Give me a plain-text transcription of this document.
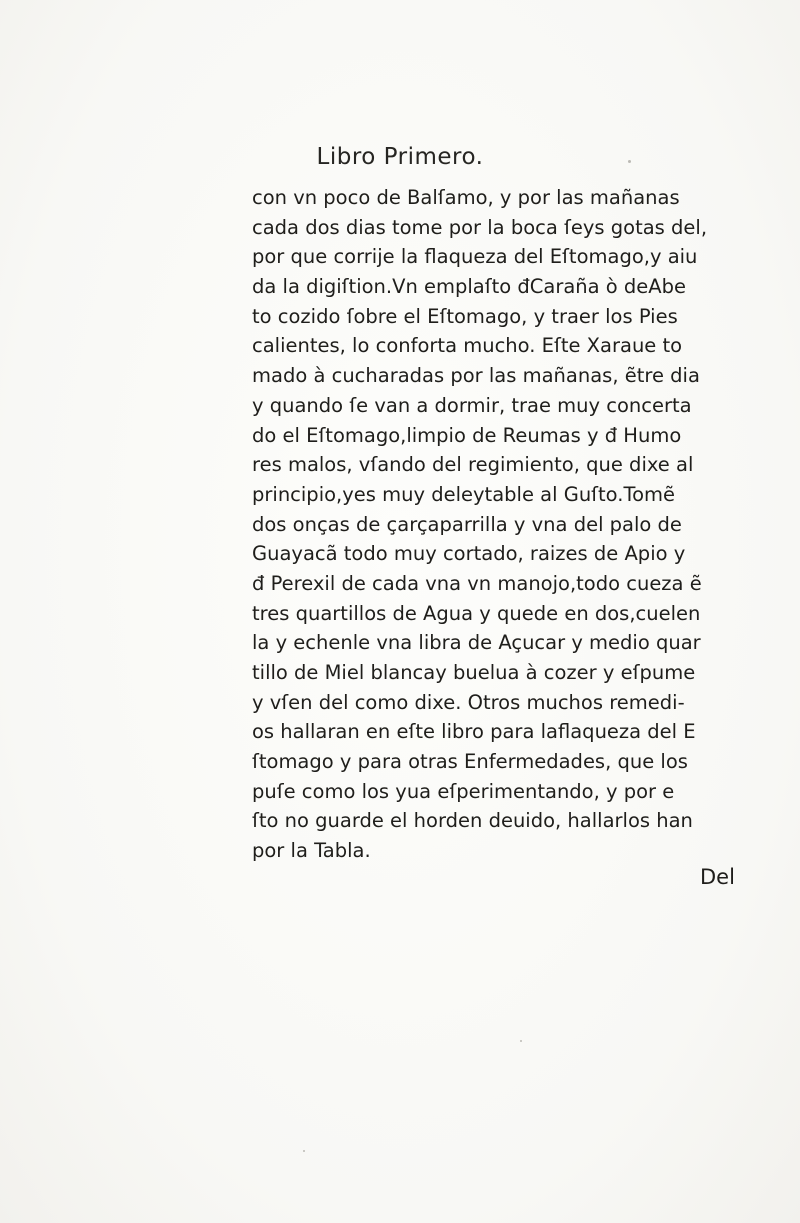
Libro Primero.
con vn poco de Balſamo, y por las mañanas
cada dos dias tome por la boca ſeys gotas del,
por que corrije la flaqueza del Eſtomago,y aiu
da la digiſtion.Vn emplaſto đCaraña ò deAbe
to cozido ſobre el Eſtomago, y traer los Pies
calientes, lo conforta mucho. Eſte Xaraue to
mado à cucharadas por las mañanas, ẽtre dia
y quando ſe van a dormir, trae muy concerta
do el Eſtomago,limpio de Reumas y đ Humo
res malos, vſando del regimiento, que dixe al
principio,yes muy deleytable al Guſto.Tomẽ
dos onças de çarçaparrilla y vna del palo de
Guayacã todo muy cortado, raizes de Apio y
đ Perexil de cada vna vn manojo,todo cueza ẽ
tres quartillos de Agua y quede en dos,cuelen
la y echenle vna libra de Açucar y medio quar
tillo de Miel blancay buelua à cozer y eſpume
y vſen del como dixe. Otros muchos remedi-
os hallaran en eſte libro para laflaqueza del E
ſtomago y para otras Enfermedades, que los
puſe como los yua eſperimentando, y por e
ſto no guarde el horden deuido, hallarlos han
por la Tabla.
Del
